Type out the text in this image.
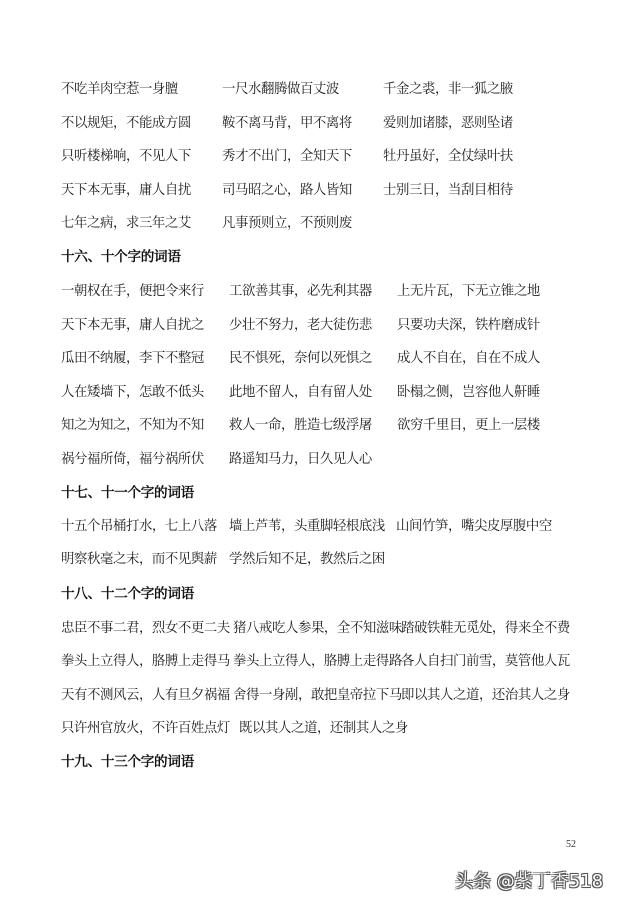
不吃羊肉空惹一身膻	一尺水翻腾做百丈波	千金之裘，非一狐之腋
不以规矩，不能成方圆 鞍不离马背，甲不离将 爱则加诸膝，恶则坠诸
只听楼梯响，不见人下 秀才不出门，全知天下 牡丹虽好，全仗绿叶扶
天下本无事，庸人自扰 司马昭之心，路人皆知 士别三日，当刮目相待
七年之病，求三年之艾 凡事预则立，不预则废
十六、十个字的词语
一朝权在手，便把令来行 工欲善其事，必先利其器 上无片瓦，下无立锥之地
天下本无事，庸人自扰之 少壮不努力，老大徒伤悲 只要功夫深，铁杵磨成针
瓜田不纳履，李下不整冠 民不惧死，奈何以死惧之 成人不自在，自在不成人
人在矮墙下，怎敢不低头 此地不留人，自有留人处 卧榻之侧，岂容他人鼾睡
知之为知之，不知为不知 救人一命，胜造七级浮屠 欲穷千里目，更上一层楼
祸兮福所倚，福兮祸所伏 路遥知马力，日久见人心
十七、十一个字的词语
十五个吊桶打水，七上八落 墙上芦苇，头重脚轻根底浅 山间竹笋，嘴尖皮厚腹中空
明察秋毫之末，而不见舆薪 学然后知不足，教然后之困
十八、十二个字的词语
忠臣不事二君，烈女不更二夫 猪八戒吃人参果，全不知滋味 踏破铁鞋无觅处，得来全不费
拳头上立得人，胳膊上走得马 拳头上立得人，胳膊上走得路 各人自扫门前雪，莫管他人瓦
天有不测风云，人有旦夕祸福 舍得一身剐，敢把皇帝拉下马 即以其人之道，还治其人之身
只许州官放火，不许百姓点灯 既以其人之道，还制其人之身
十九、十三个字的词语
52
头条 @紫丁香518
